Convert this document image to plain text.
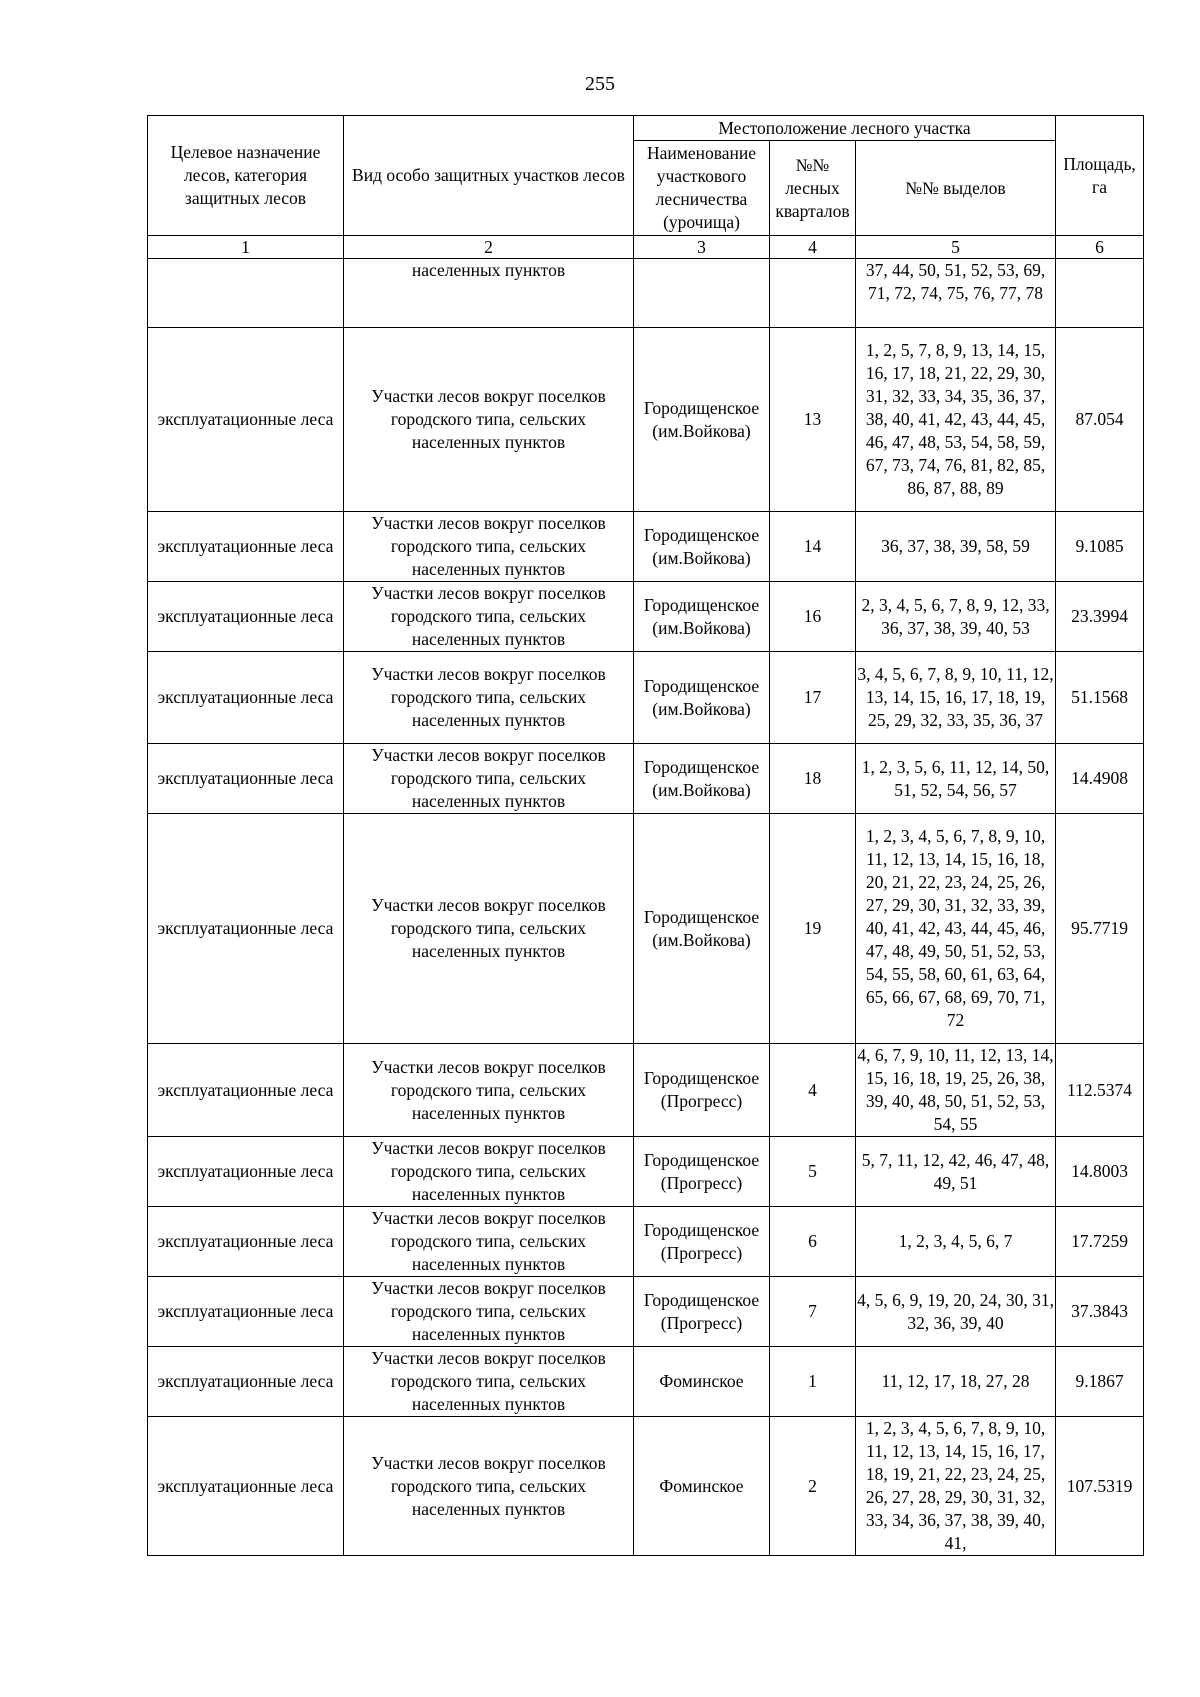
255
Целевое назначение лесов, категория защитных лесов	Вид особо защитных участков лесов	Местоположение лесного участка			Площадь, га
		Наименование участкового лесничества (урочища)	№№ лесных кварталов	№№ выделов	
1	2	3	4	5	6
	населенных пунктов			37, 44, 50, 51, 52, 53, 69, 71, 72, 74, 75, 76, 77, 78	
эксплуатационные леса	Участки лесов вокруг поселков городского типа, сельских населенных пунктов	Городищенское (им.Войкова)	13	1, 2, 5, 7, 8, 9, 13, 14, 15, 16, 17, 18, 21, 22, 29, 30, 31, 32, 33, 34, 35, 36, 37, 38, 40, 41, 42, 43, 44, 45, 46, 47, 48, 53, 54, 58, 59, 67, 73, 74, 76, 81, 82, 85, 86, 87, 88, 89	87.054
эксплуатационные леса	Участки лесов вокруг поселков городского типа, сельских населенных пунктов	Городищенское (им.Войкова)	14	36, 37, 38, 39, 58, 59	9.1085
эксплуатационные леса	Участки лесов вокруг поселков городского типа, сельских населенных пунктов	Городищенское (им.Войкова)	16	2, 3, 4, 5, 6, 7, 8, 9, 12, 33, 36, 37, 38, 39, 40, 53	23.3994
эксплуатационные леса	Участки лесов вокруг поселков городского типа, сельских населенных пунктов	Городищенское (им.Войкова)	17	3, 4, 5, 6, 7, 8, 9, 10, 11, 12, 13, 14, 15, 16, 17, 18, 19, 25, 29, 32, 33, 35, 36, 37	51.1568
эксплуатационные леса	Участки лесов вокруг поселков городского типа, сельских населенных пунктов	Городищенское (им.Войкова)	18	1, 2, 3, 5, 6, 11, 12, 14, 50, 51, 52, 54, 56, 57	14.4908
эксплуатационные леса	Участки лесов вокруг поселков городского типа, сельских населенных пунктов	Городищенское (им.Войкова)	19	1, 2, 3, 4, 5, 6, 7, 8, 9, 10, 11, 12, 13, 14, 15, 16, 18, 20, 21, 22, 23, 24, 25, 26, 27, 29, 30, 31, 32, 33, 39, 40, 41, 42, 43, 44, 45, 46, 47, 48, 49, 50, 51, 52, 53, 54, 55, 58, 60, 61, 63, 64, 65, 66, 67, 68, 69, 70, 71, 72	95.7719
эксплуатационные леса	Участки лесов вокруг поселков городского типа, сельских населенных пунктов	Городищенское (Прогресс)	4	4, 6, 7, 9, 10, 11, 12, 13, 14, 15, 16, 18, 19, 25, 26, 38, 39, 40, 48, 50, 51, 52, 53, 54, 55	112.5374
эксплуатационные леса	Участки лесов вокруг поселков городского типа, сельских населенных пунктов	Городищенское (Прогресс)	5	5, 7, 11, 12, 42, 46, 47, 48, 49, 51	14.8003
эксплуатационные леса	Участки лесов вокруг поселков городского типа, сельских населенных пунктов	Городищенское (Прогресс)	6	1, 2, 3, 4, 5, 6, 7	17.7259
эксплуатационные леса	Участки лесов вокруг поселков городского типа, сельских населенных пунктов	Городищенское (Прогресс)	7	4, 5, 6, 9, 19, 20, 24, 30, 31, 32, 36, 39, 40	37.3843
эксплуатационные леса	Участки лесов вокруг поселков городского типа, сельских населенных пунктов	Фоминское	1	11, 12, 17, 18, 27, 28	9.1867
эксплуатационные леса	Участки лесов вокруг поселков городского типа, сельских населенных пунктов	Фоминское	2	1, 2, 3, 4, 5, 6, 7, 8, 9, 10, 11, 12, 13, 14, 15, 16, 17, 18, 19, 21, 22, 23, 24, 25, 26, 27, 28, 29, 30, 31, 32, 33, 34, 36, 37, 38, 39, 40, 41,	107.5319
